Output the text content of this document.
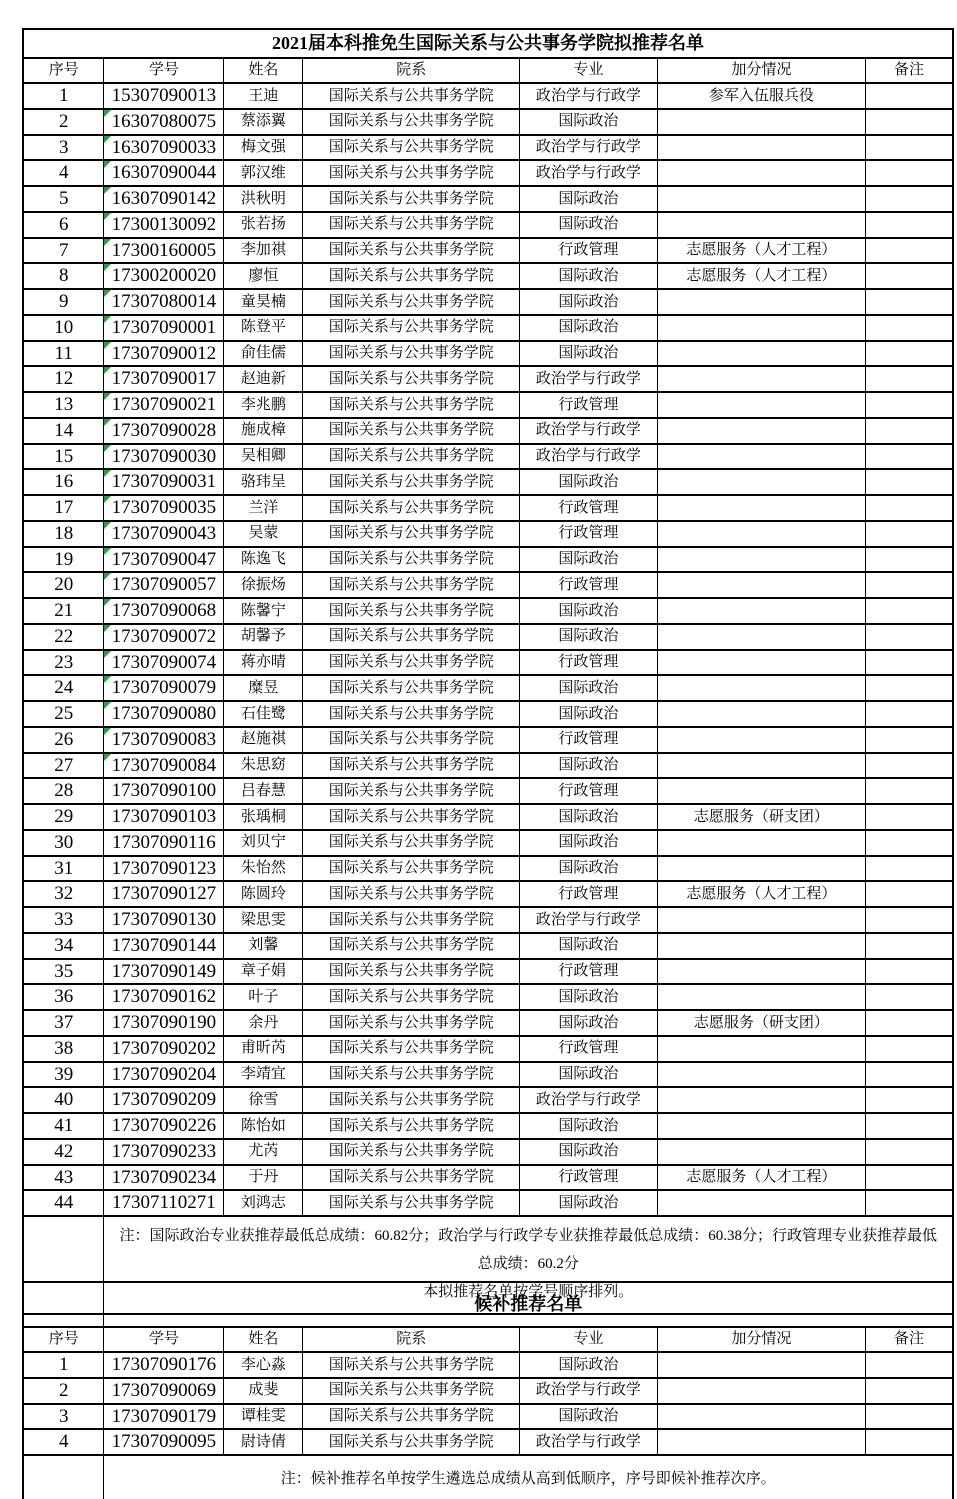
2021届本科推免生国际关系与公共事务学院拟推荐名单						
序号	学号	姓名	院系	专业	加分情况	备注
1	15307090013	王迪	国际关系与公共事务学院	政治学与行政学	参军入伍服兵役	
2	16307080075	蔡添翼	国际关系与公共事务学院	国际政治		
3	16307090033	梅文强	国际关系与公共事务学院	政治学与行政学		
4	16307090044	郭汉维	国际关系与公共事务学院	政治学与行政学		
5	16307090142	洪秋明	国际关系与公共事务学院	国际政治		
6	17300130092	张若扬	国际关系与公共事务学院	国际政治		
7	17300160005	李加祺	国际关系与公共事务学院	行政管理	志愿服务（人才工程）	
8	17300200020	廖恒	国际关系与公共事务学院	国际政治	志愿服务（人才工程）	
9	17307080014	童昊楠	国际关系与公共事务学院	国际政治		
10	17307090001	陈登平	国际关系与公共事务学院	国际政治		
11	17307090012	俞佳儒	国际关系与公共事务学院	国际政治		
12	17307090017	赵迪新	国际关系与公共事务学院	政治学与行政学		
13	17307090021	李兆鹏	国际关系与公共事务学院	行政管理		
14	17307090028	施成樟	国际关系与公共事务学院	政治学与行政学		
15	17307090030	吴相卿	国际关系与公共事务学院	政治学与行政学		
16	17307090031	骆玮呈	国际关系与公共事务学院	国际政治		
17	17307090035	兰洋	国际关系与公共事务学院	行政管理		
18	17307090043	吴蒙	国际关系与公共事务学院	行政管理		
19	17307090047	陈逸飞	国际关系与公共事务学院	国际政治		
20	17307090057	徐振炀	国际关系与公共事务学院	行政管理		
21	17307090068	陈馨宁	国际关系与公共事务学院	国际政治		
22	17307090072	胡馨予	国际关系与公共事务学院	国际政治		
23	17307090074	蒋亦晴	国际关系与公共事务学院	行政管理		
24	17307090079	糜昱	国际关系与公共事务学院	国际政治		
25	17307090080	石佳鹭	国际关系与公共事务学院	国际政治		
26	17307090083	赵施祺	国际关系与公共事务学院	行政管理		
27	17307090084	朱思窈	国际关系与公共事务学院	国际政治		
28	17307090100	吕春慧	国际关系与公共事务学院	行政管理		
29	17307090103	张瑀桐	国际关系与公共事务学院	国际政治	志愿服务（研支团）	
30	17307090116	刘贝宁	国际关系与公共事务学院	国际政治		
31	17307090123	朱怡然	国际关系与公共事务学院	国际政治		
32	17307090127	陈圆玲	国际关系与公共事务学院	行政管理	志愿服务（人才工程）	
33	17307090130	梁思雯	国际关系与公共事务学院	政治学与行政学		
34	17307090144	刘馨	国际关系与公共事务学院	国际政治		
35	17307090149	章子娟	国际关系与公共事务学院	行政管理		
36	17307090162	叶子	国际关系与公共事务学院	国际政治		
37	17307090190	余丹	国际关系与公共事务学院	国际政治	志愿服务（研支团）	
38	17307090202	甫昕芮	国际关系与公共事务学院	行政管理		
39	17307090204	李靖宜	国际关系与公共事务学院	国际政治		
40	17307090209	徐雪	国际关系与公共事务学院	政治学与行政学		
41	17307090226	陈怡如	国际关系与公共事务学院	国际政治		
42	17307090233	尤芮	国际关系与公共事务学院	国际政治		
43	17307090234	于丹	国际关系与公共事务学院	行政管理	志愿服务（人才工程）	
44	17307110271	刘鸿志	国际关系与公共事务学院	国际政治		

	注：国际政治专业获推荐最低总成绩：60.82分；政治学与行政学专业获推荐最低总成绩：60.38分；行政管理专业获推荐最低总成绩：60.2分
本拟推荐名单按学号顺序排列。					
	候补推荐名单					
序号	学号	姓名	院系	专业	加分情况	备注
1	17307090176	李心淼	国际关系与公共事务学院	国际政治		
2	17307090069	成斐	国际关系与公共事务学院	政治学与行政学		
3	17307090179	谭桂雯	国际关系与公共事务学院	国际政治		
4	17307090095	尉诗倩	国际关系与公共事务学院	政治学与行政学		

	注：候补推荐名单按学生遴选总成绩从高到低顺序，序号即候补推荐次序。					
